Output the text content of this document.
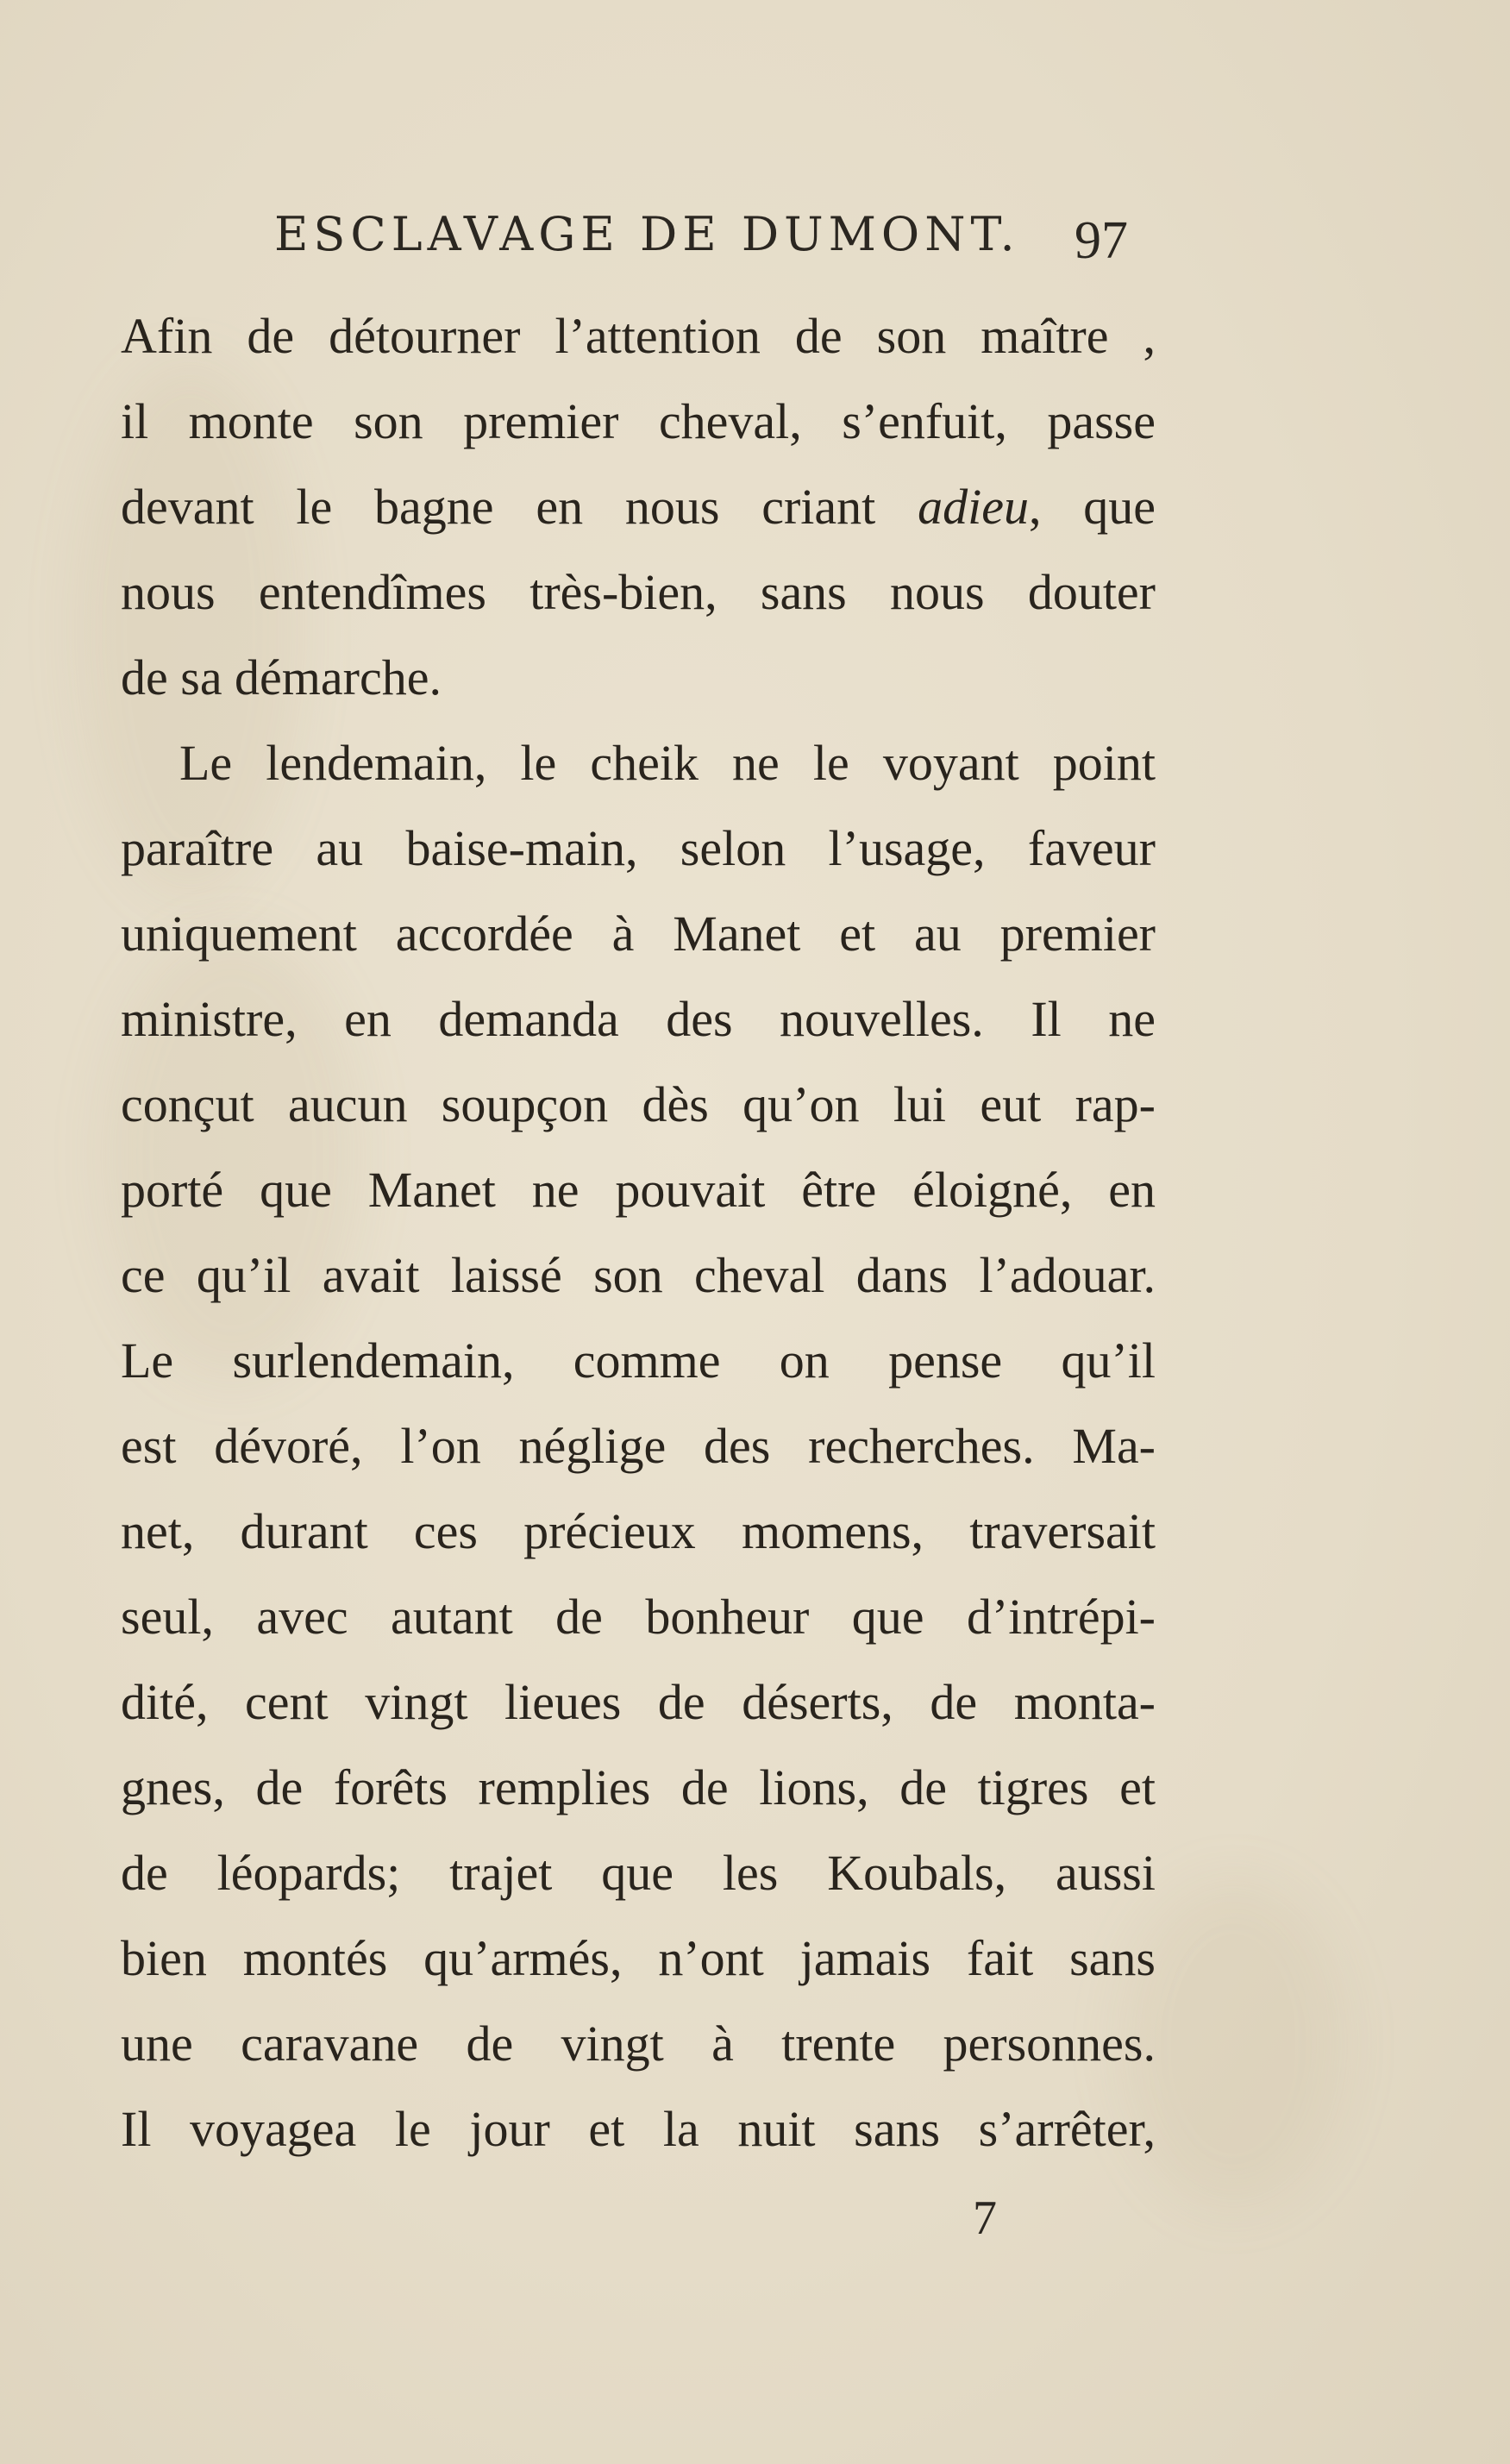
ESCLAVAGE DE DUMONT. 97
Afin de détourner l’attention de son maître ,
il monte son premier cheval, s’enfuit, passe
devant le bagne en nous criant adieu, que
nous entendîmes très-bien, sans nous douter
de sa démarche.
Le lendemain, le cheik ne le voyant point
paraître au baise-main, selon l’usage, faveur
uniquement accordée à Manet et au premier
ministre, en demanda des nouvelles. Il ne
conçut aucun soupçon dès qu’on lui eut rap-
porté que Manet ne pouvait être éloigné, en
ce qu’il avait laissé son cheval dans l’adouar.
Le surlendemain, comme on pense qu’il
est dévoré, l’on néglige des recherches. Ma-
net, durant ces précieux momens, traversait
seul, avec autant de bonheur que d’intrépi-
dité, cent vingt lieues de déserts, de monta-
gnes, de forêts remplies de lions, de tigres et
de léopards; trajet que les Koubals, aussi
bien montés qu’armés, n’ont jamais fait sans
une caravane de vingt à trente personnes.
Il voyagea le jour et la nuit sans s’arrêter,
7
